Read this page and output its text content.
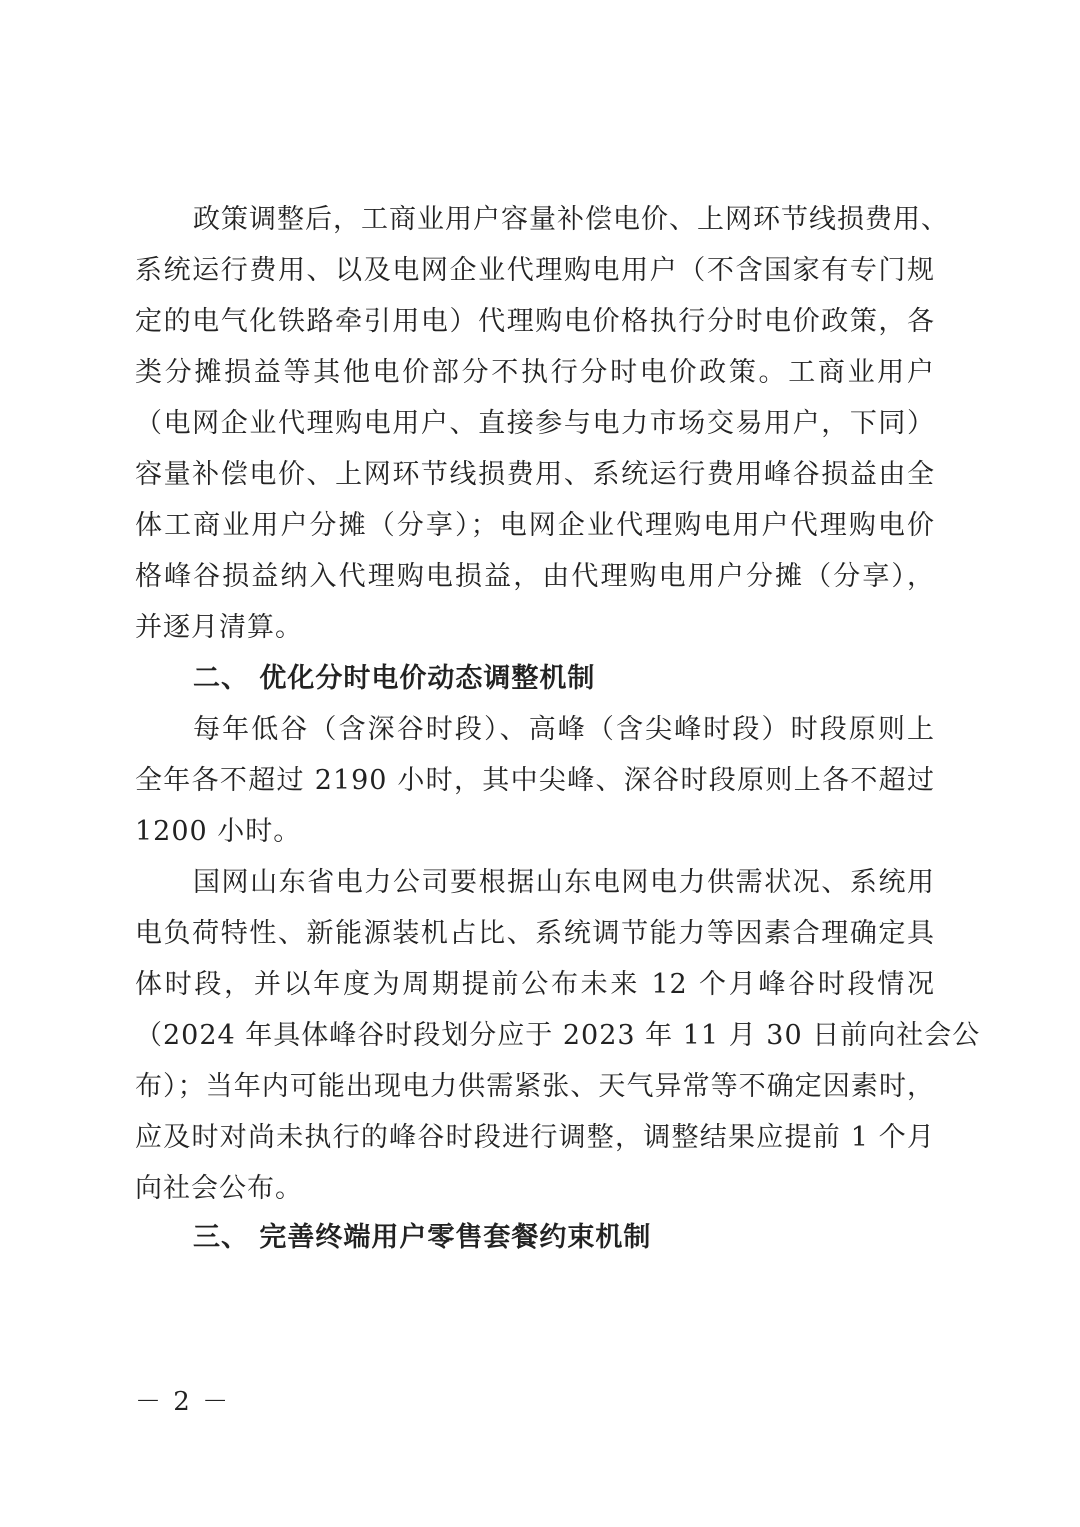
政策调整后，工商业用户容量补偿电价、上网环节线损费用、
系统运行费用、以及电网企业代理购电用户（不含国家有专门规
定的电气化铁路牵引用电）代理购电价格执行分时电价政策，各
类分摊损益等其他电价部分不执行分时电价政策。工商业用户
（电网企业代理购电用户、直接参与电力市场交易用户，下同）
容量补偿电价、上网环节线损费用、系统运行费用峰谷损益由全
体工商业用户分摊（分享）；电网企业代理购电用户代理购电价
格峰谷损益纳入代理购电损益，由代理购电用户分摊（分享），
并逐月清算。
二、 优化分时电价动态调整机制
每年低谷（含深谷时段）、高峰（含尖峰时段）时段原则上
全年各不超过 2190 小时，其中尖峰、深谷时段原则上各不超过
1200 小时。
国网山东省电力公司要根据山东电网电力供需状况、系统用
电负荷特性、新能源装机占比、系统调节能力等因素合理确定具
体时段，并以年度为周期提前公布未来 12 个月峰谷时段情况
（2024 年具体峰谷时段划分应于 2023 年 11 月 30 日前向社会公
布）；当年内可能出现电力供需紧张、天气异常等不确定因素时，
应及时对尚未执行的峰谷时段进行调整，调整结果应提前 1 个月
向社会公布。
三、 完善终端用户零售套餐约束机制
－ 2 －
